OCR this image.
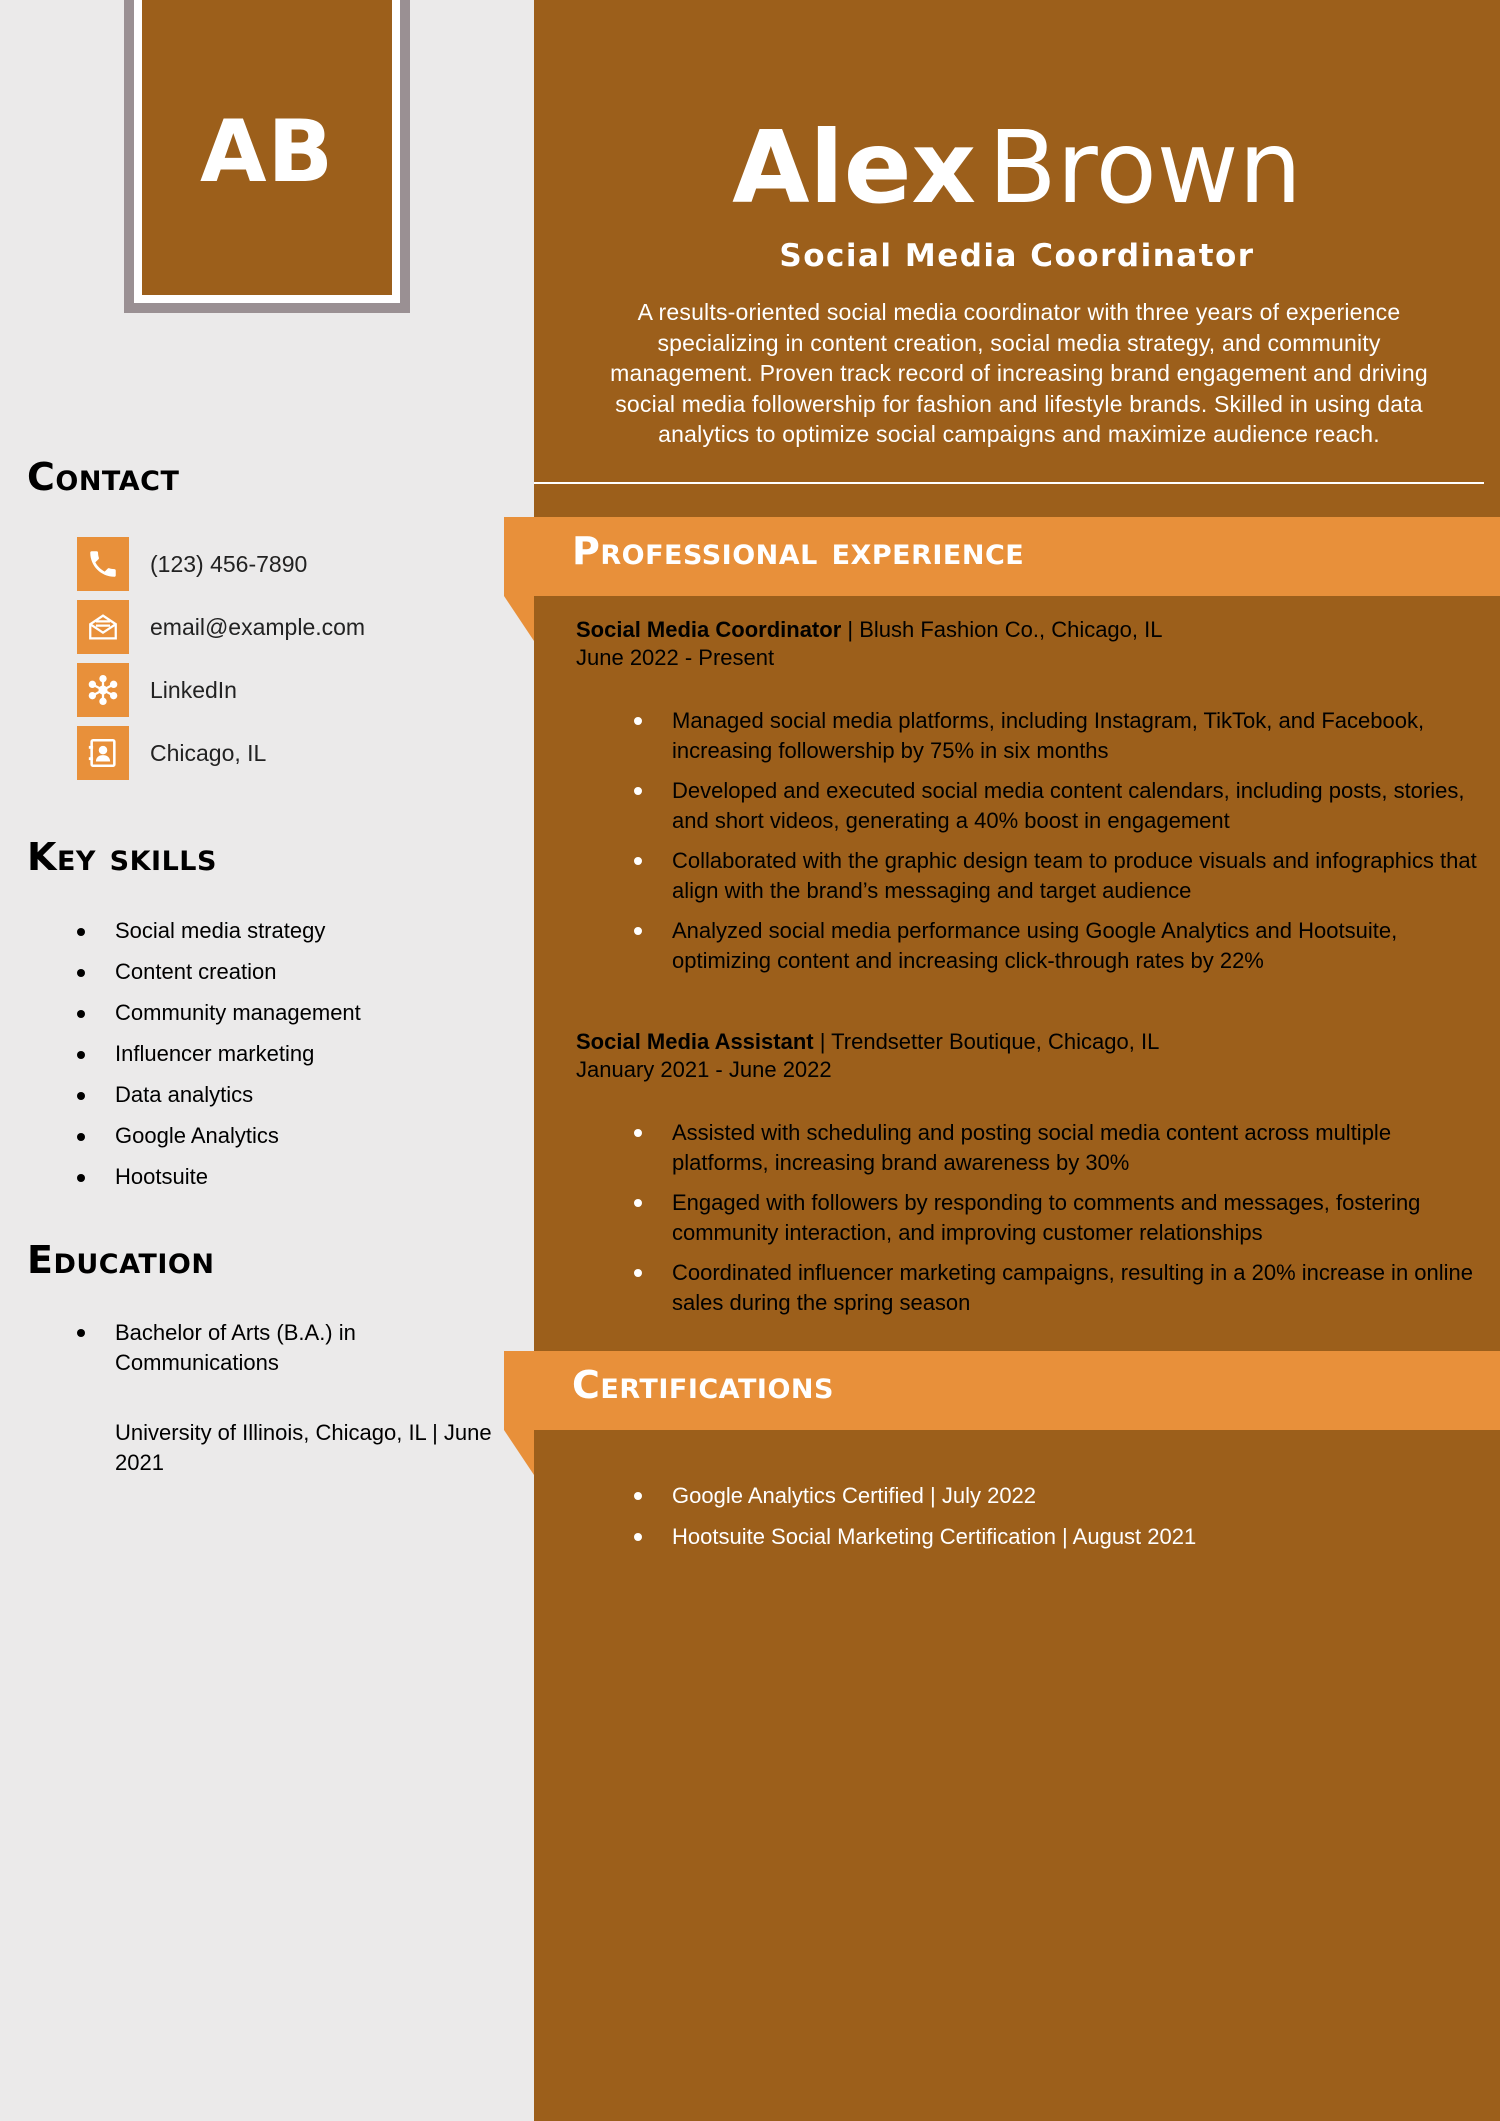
AB
Contact
(123) 456-7890
email@example.com
LinkedIn
Chicago, IL
Key skills
Social media strategy
Content creation
Community management
Influencer marketing
Data analytics
Google Analytics
Hootsuite
Education
Bachelor of Arts (B.A.) in Communications
University of Illinois, Chicago, IL | June 2021
Alex Brown
Social Media Coordinator

A results-oriented social media coordinator with three years of experience specializing in content creation, social media strategy, and community management. Proven track record of increasing brand engagement and driving social media followership for fashion and lifestyle brands. Skilled in using data analytics to optimize social campaigns and maximize audience reach.

Professional experience
Social Media Coordinator | Blush Fashion Co., Chicago, IL
June 2022 - Present
Managed social media platforms, including Instagram, TikTok, and Facebook, increasing followership by 75% in six months
Developed and executed social media content calendars, including posts, stories, and short videos, generating a 40% boost in engagement
Collaborated with the graphic design team to produce visuals and infographics that align with the brand’s messaging and target audience
Analyzed social media performance using Google Analytics and Hootsuite, optimizing content and increasing click-through rates by 22%
Social Media Assistant | Trendsetter Boutique, Chicago, IL
January 2021 - June 2022
Assisted with scheduling and posting social media content across multiple platforms, increasing brand awareness by 30%
Engaged with followers by responding to comments and messages, fostering community interaction, and improving customer relationships
Coordinated influencer marketing campaigns, resulting in a 20% increase in online sales during the spring season
Certifications
Google Analytics Certified | July 2022
Hootsuite Social Marketing Certification | August 2021
